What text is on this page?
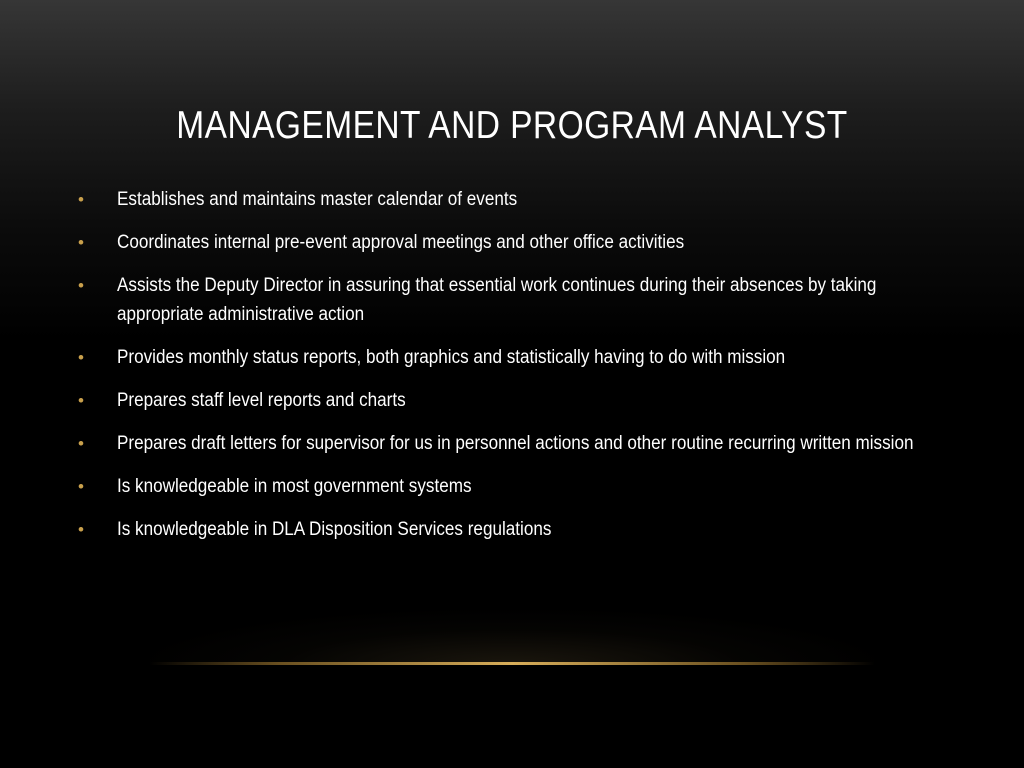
MANAGEMENT AND PROGRAM ANALYST
• Establishes and maintains master calendar of events
• Coordinates internal pre-event approval meetings and other office activities
• Assists the Deputy Director in assuring that essential work continues during their absences by taking appropriate administrative action
• Provides monthly status reports, both graphics and statistically having to do with mission
• Prepares staff level reports and charts
• Prepares draft letters for supervisor for us in personnel actions and other routine recurring written mission
• Is knowledgeable in most government systems
• Is knowledgeable in DLA Disposition Services regulations
